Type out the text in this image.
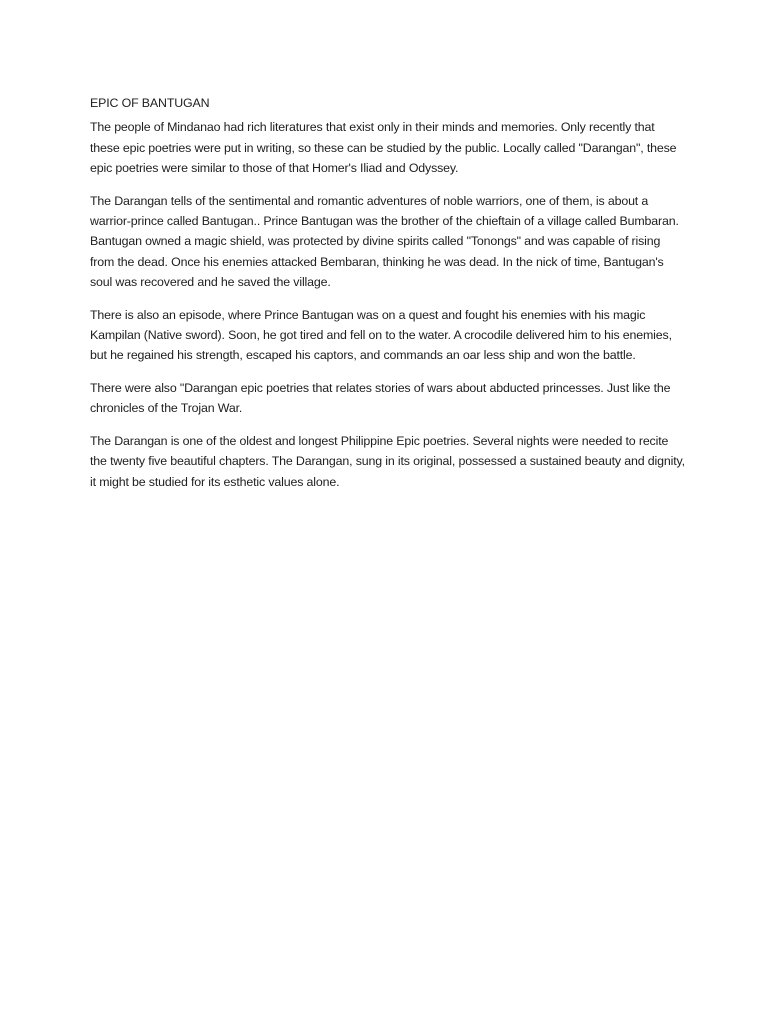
EPIC OF BANTUGAN

The people of Mindanao had rich literatures that exist only in their minds and memories. Only recently that these epic poetries were put in writing, so these can be studied by the public. Locally called "Darangan", these epic poetries were similar to those of that Homer's Iliad and Odyssey.

The Darangan tells of the sentimental and romantic adventures of noble warriors, one of them, is about a warrior-prince called Bantugan.. Prince Bantugan was the brother of the chieftain of a village called Bumbaran. Bantugan owned a magic shield, was protected by divine spirits called "Tonongs" and was capable of rising from the dead. Once his enemies attacked Bembaran, thinking he was dead. In the nick of time, Bantugan's soul was recovered and he saved the village.

There is also an episode, where Prince Bantugan was on a quest and fought his enemies with his magic Kampilan (Native sword). Soon, he got tired and fell on to the water. A crocodile delivered him to his enemies, but he regained his strength, escaped his captors, and commands an oar less ship and won the battle.

There were also "Darangan epic poetries that relates stories of wars about abducted princesses. Just like the chronicles of the Trojan War.

The Darangan is one of the oldest and longest Philippine Epic poetries. Several nights were needed to recite the twenty five beautiful chapters. The Darangan, sung in its original, possessed a sustained beauty and dignity, it might be studied for its esthetic values alone.
